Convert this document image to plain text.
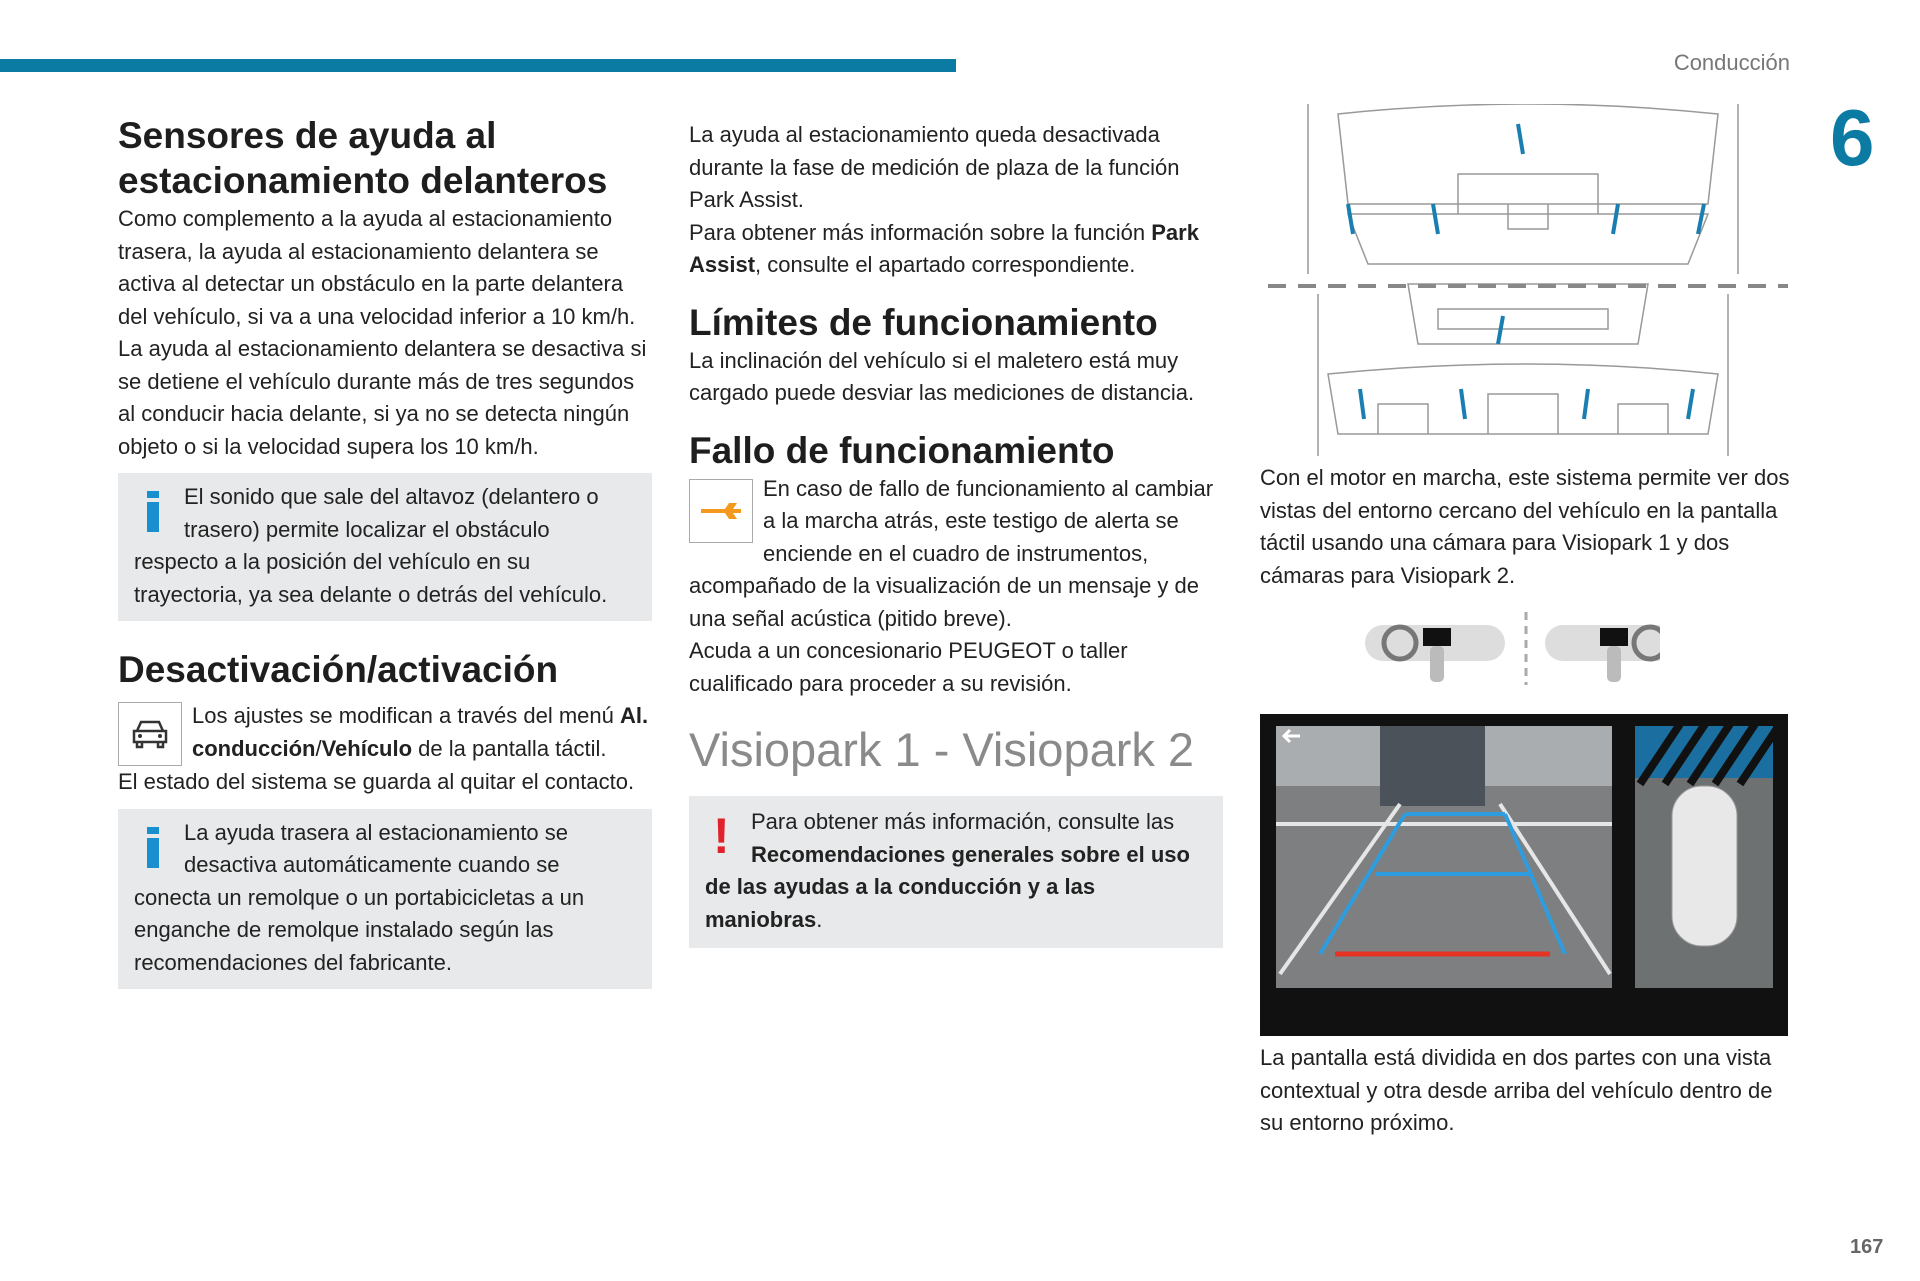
Conducción
6
167
Sensores de ayuda al estacionamiento delanteros

Como complemento a la ayuda al estacionamiento trasera, la ayuda al estacionamiento delantera se activa al detectar un obstáculo en la parte delantera del vehículo, si va a una velocidad inferior a 10 km/h.

La ayuda al estacionamiento delantera se desactiva si se detiene el vehículo durante más de tres segundos al conducir hacia delante, si ya no se detecta ningún objeto o si la velocidad supera los 10 km/h.

El sonido que sale del altavoz (delantero o trasero) permite localizar el obstáculo respecto a la posición del vehículo en su trayectoria, ya sea delante o detrás del vehículo.
Desactivación/activación
Los ajustes se modifican a través del menú Al. conducción/Vehículo de la pantalla táctil.

El estado del sistema se guarda al quitar el contacto.

La ayuda trasera al estacionamiento se desactiva automáticamente cuando se conecta un remolque o un portabicicletas a un enganche de remolque instalado según las recomendaciones del fabricante.

La ayuda al estacionamiento queda desactivada durante la fase de medición de plaza de la función Park Assist.

Para obtener más información sobre la función Park Assist, consulte el apartado correspondiente.

Límites de funcionamiento

La inclinación del vehículo si el maletero está muy cargado puede desviar las mediciones de distancia.

Fallo de funcionamiento
En caso de fallo de funcionamiento al cambiar a la marcha atrás, este testigo de alerta se enciende en el cuadro de instrumentos, acompañado de la visualización de un mensaje y de una señal acústica (pitido breve).

Acuda a un concesionario PEUGEOT o taller cualificado para proceder a su revisión.

Visiopark 1 - Visiopark 2
! Para obtener más información, consulte las Recomendaciones generales sobre el uso de las ayudas a la conducción y a las maniobras.

Con el motor en marcha, este sistema permite ver dos vistas del entorno cercano del vehículo en la pantalla táctil usando una cámara para Visiopark 1 y dos cámaras para Visiopark 2.

La pantalla está dividida en dos partes con una vista contextual y otra desde arriba del vehículo dentro de su entorno próximo.
